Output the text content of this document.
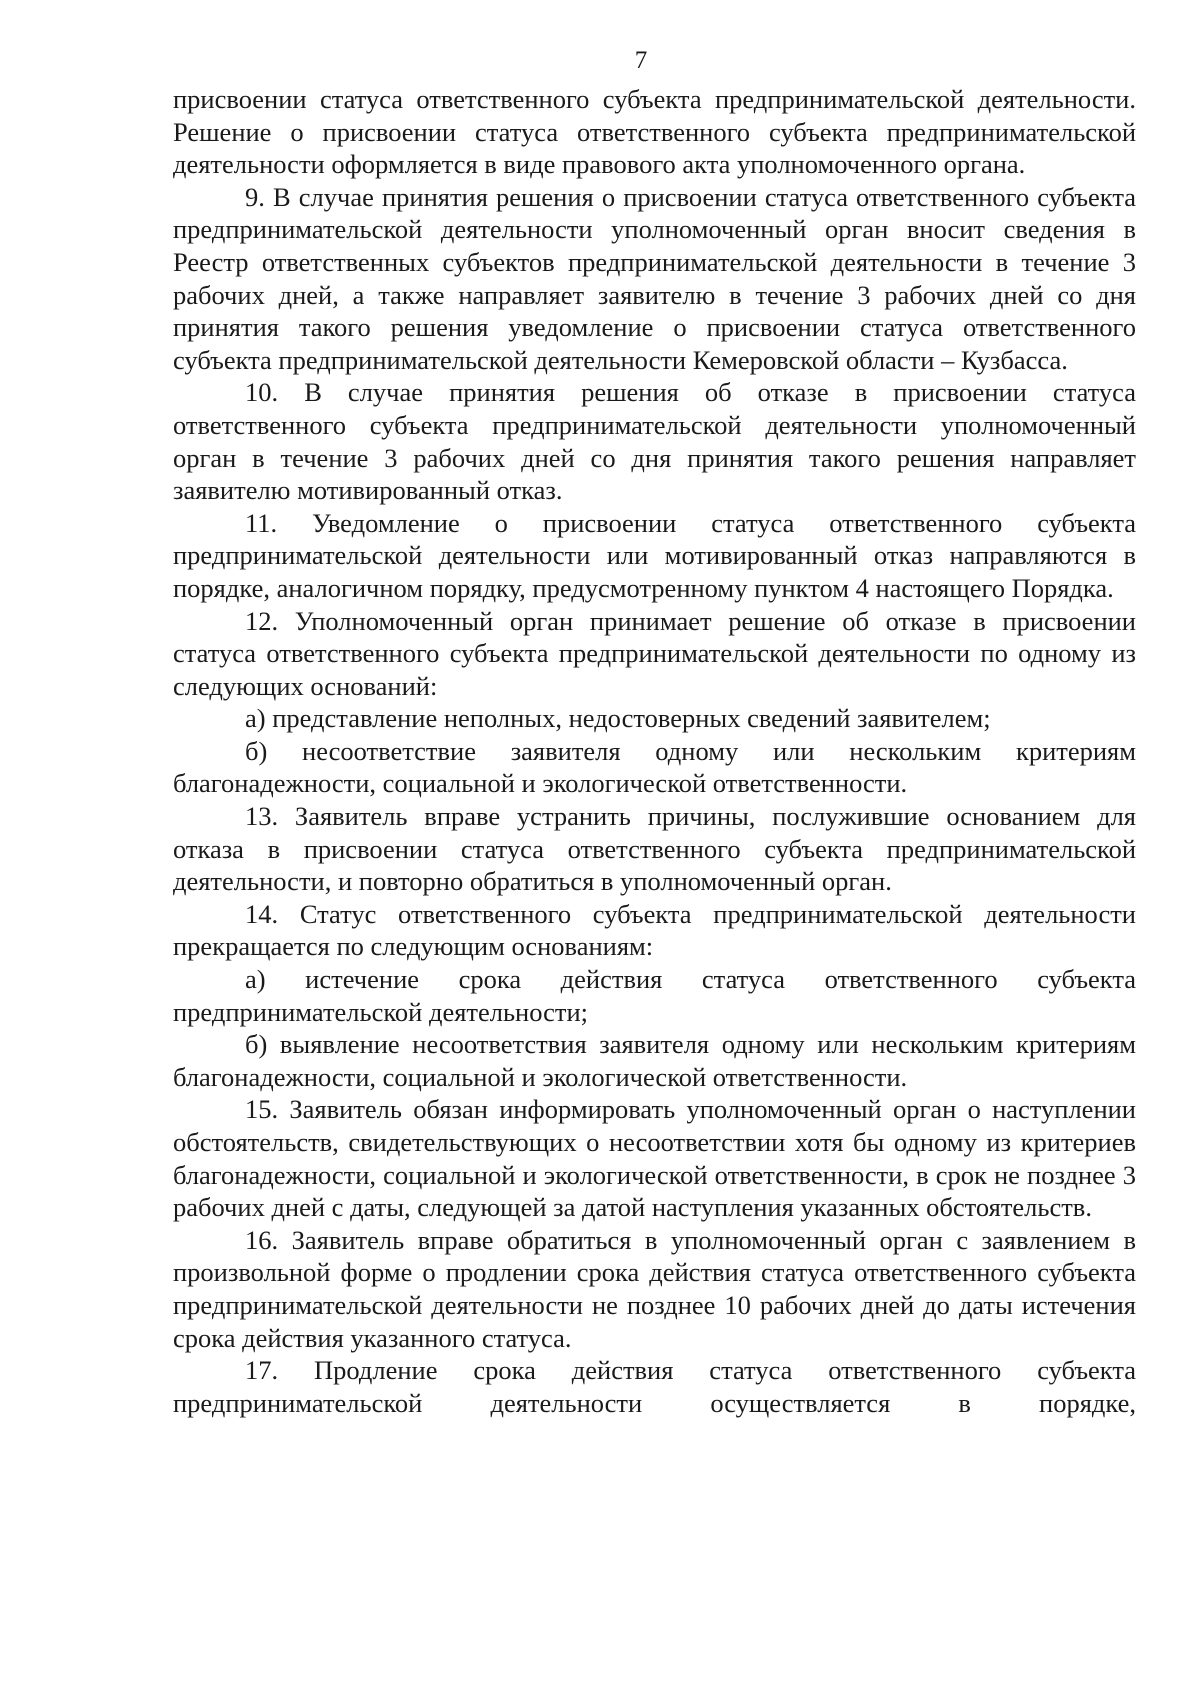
7

присвоении статуса ответственного субъекта предпринимательской деятельности. Решение о присвоении статуса ответственного субъекта предпринимательской деятельности оформляется в виде правового акта уполномоченного органа.

9. В случае принятия решения о присвоении статуса ответственного субъекта предпринимательской деятельности уполномоченный орган вносит сведения в Реестр ответственных субъектов предпринимательской деятельности в течение 3 рабочих дней, а также направляет заявителю в течение 3 рабочих дней со дня принятия такого решения уведомление о присвоении статуса ответственного субъекта предпринимательской деятельности Кемеровской области – Кузбасса.

10. В случае принятия решения об отказе в присвоении статуса ответственного субъекта предпринимательской деятельности уполномоченный орган в течение 3 рабочих дней со дня принятия такого решения направляет заявителю мотивированный отказ.

11. Уведомление о присвоении статуса ответственного субъекта предпринимательской деятельности или мотивированный отказ направляются в порядке, аналогичном порядку, предусмотренному пунктом 4 настоящего Порядка.

12. Уполномоченный орган принимает решение об отказе в присвоении статуса ответственного субъекта предпринимательской деятельности по одному из следующих оснований:

а) представление неполных, недостоверных сведений заявителем;

б) несоответствие заявителя одному или нескольким критериям благонадежности, социальной и экологической ответственности.

13. Заявитель вправе устранить причины, послужившие основанием для отказа в присвоении статуса ответственного субъекта предпринимательской деятельности, и повторно обратиться в уполномоченный орган.

14. Статус ответственного субъекта предпринимательской деятельности прекращается по следующим основаниям:

а) истечение срока действия статуса ответственного субъекта предпринимательской деятельности;

б) выявление несоответствия заявителя одному или нескольким критериям благонадежности, социальной и экологической ответственности.

15. Заявитель обязан информировать уполномоченный орган о наступлении обстоятельств, свидетельствующих о несоответствии хотя бы одному из критериев благонадежности, социальной и экологической ответственности, в срок не позднее 3 рабочих дней с даты, следующей за датой наступления указанных обстоятельств.

16. Заявитель вправе обратиться в уполномоченный орган с заявлением в произвольной форме о продлении срока действия статуса ответственного субъекта предпринимательской деятельности не позднее 10 рабочих дней до даты истечения срока действия указанного статуса.

17. Продление срока действия статуса ответственного субъекта предпринимательской деятельности осуществляется в порядке,
